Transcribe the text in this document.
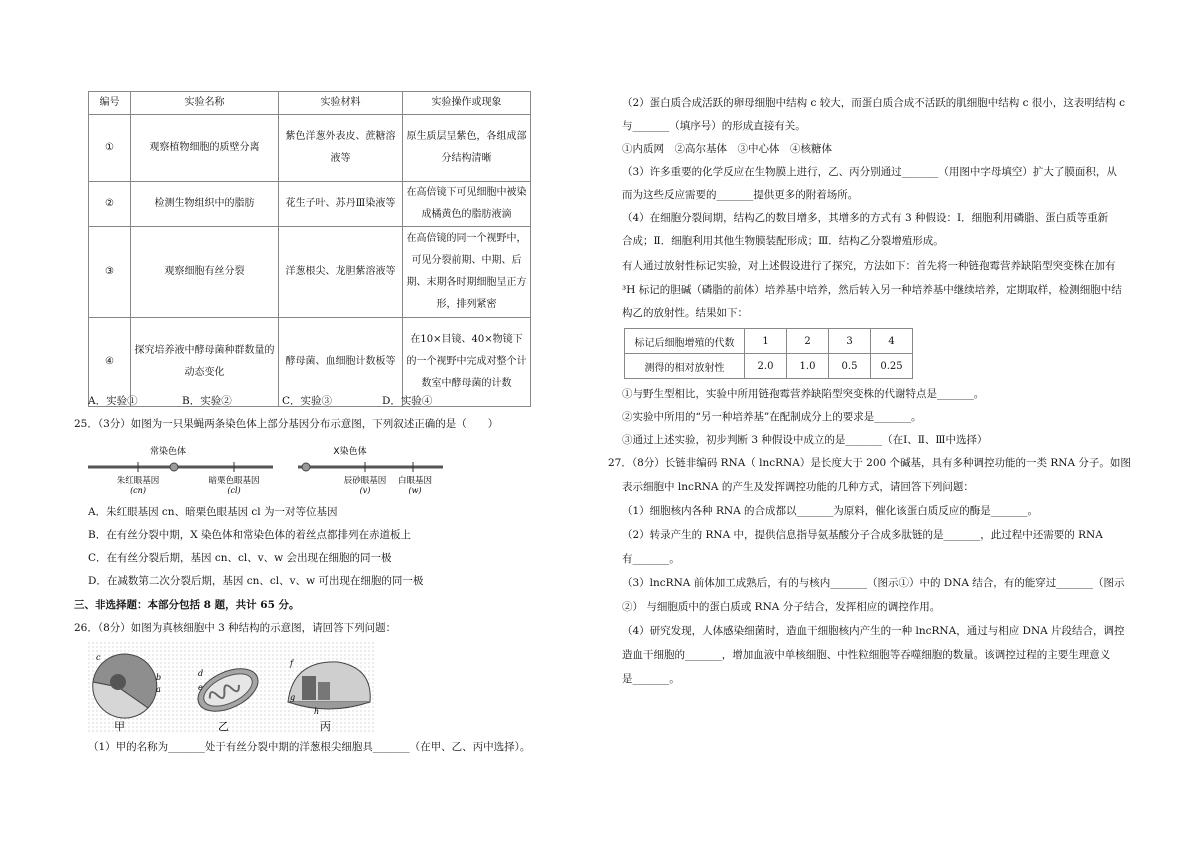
编号	实验名称	实验材料	实验操作或现象
①	观察植物细胞的质壁分离	紫色洋葱外表皮、蔗糖溶液等	原生质层呈紫色，各组成部分结构清晰
②	检测生物组织中的脂肪	花生子叶、苏丹Ⅲ染液等	在高倍镜下可见细胞中被染成橘黄色的脂肪液滴
③	观察细胞有丝分裂	洋葱根尖、龙胆紫溶液等	在高倍镜的同一个视野中，可见分裂前期、中期、后期、末期各时期细胞呈正方形，排列紧密
④	探究培养液中酵母菌种群数量的动态变化	酵母菌、血细胞计数板等	在10×目镜、40×物镜下的一个视野中完成对整个计数室中酵母菌的计数
A．实验①	B．实验②	C．实验③	D．实验④
25．（3分）如图为一只果蝇两条染色体上部分基因分布示意图，下列叙述正确的是（　　）
常染色体
朱红眼基因
(cn)
暗栗色眼基因
(cl)
X染色体
辰砂眼基因
(v)
白眼基因
(w)
A．朱红眼基因 cn、暗栗色眼基因 cl 为一对等位基因
B．在有丝分裂中期，X 染色体和常染色体的着丝点都排列在赤道板上
C．在有丝分裂后期，基因 cn、cl、v、w 会出现在细胞的同一极
D．在减数第二次分裂后期，基因 cn、cl、v、w 可出现在细胞的同一极
三、非选择题：本部分包括 8 题，共计 65 分。
26．（8分）如图为真核细胞中 3 种结构的示意图，请回答下列问题：
c
b
a
甲
d
e
乙
f
g
h
丙
（1）甲的名称为_______处于有丝分裂中期的洋葱根尖细胞具_______（在甲、乙、丙中选择）。
（2）蛋白质合成活跃的卵母细胞中结构 c 较大，而蛋白质合成不活跃的肌细胞中结构 c 很小，这表明结构 c
与_______（填序号）的形成直接有关。
①内质网　②高尔基体　③中心体　④核糖体
（3）许多重要的化学反应在生物膜上进行，乙、丙分别通过_______（用图中字母填空）扩大了膜面积，从
而为这些反应需要的_______提供更多的附着场所。
（4）在细胞分裂间期，结构乙的数目增多，其增多的方式有 3 种假设：Ⅰ．细胞利用磷脂、蛋白质等重新
合成；Ⅱ．细胞利用其他生物膜装配形成；Ⅲ．结构乙分裂增殖形成。
有人通过放射性标记实验，对上述假设进行了探究，方法如下：首先将一种链孢霉营养缺陷型突变株在加有
³H 标记的胆碱（磷脂的前体）培养基中培养，然后转入另一种培养基中继续培养，定期取样，检测细胞中结
构乙的放射性。结果如下：
标记后细胞增殖的代数	1	2	3	4
测得的相对放射性	2.0	1.0	0.5	0.25
①与野生型相比，实验中所用链孢霉营养缺陷型突变株的代谢特点是_______。
②实验中所用的“另一种培养基”在配制成分上的要求是_______。
③通过上述实验，初步判断 3 种假设中成立的是_______（在Ⅰ、Ⅱ、Ⅲ中选择）
27．（8分）长链非编码 RNA（ lncRNA）是长度大于 200 个碱基，具有多种调控功能的一类 RNA 分子。如图
表示细胞中 lncRNA 的产生及发挥调控功能的几种方式，请回答下列问题：
（1）细胞核内各种 RNA 的合成都以_______为原料，催化该蛋白质反应的酶是_______。
（2）转录产生的 RNA 中，提供信息指导氨基酸分子合成多肽链的是_______，此过程中还需要的 RNA
有_______。
（3）lncRNA 前体加工成熟后，有的与核内_______（图示①）中的 DNA 结合，有的能穿过_______（图示
②） 与细胞质中的蛋白质或 RNA 分子结合，发挥相应的调控作用。
（4）研究发现，人体感染细菌时，造血干细胞核内产生的一种 lncRNA，通过与相应 DNA 片段结合，调控
造血干细胞的_______，增加血液中单核细胞、中性粒细胞等吞噬细胞的数量。该调控过程的主要生理意义
是_______。
